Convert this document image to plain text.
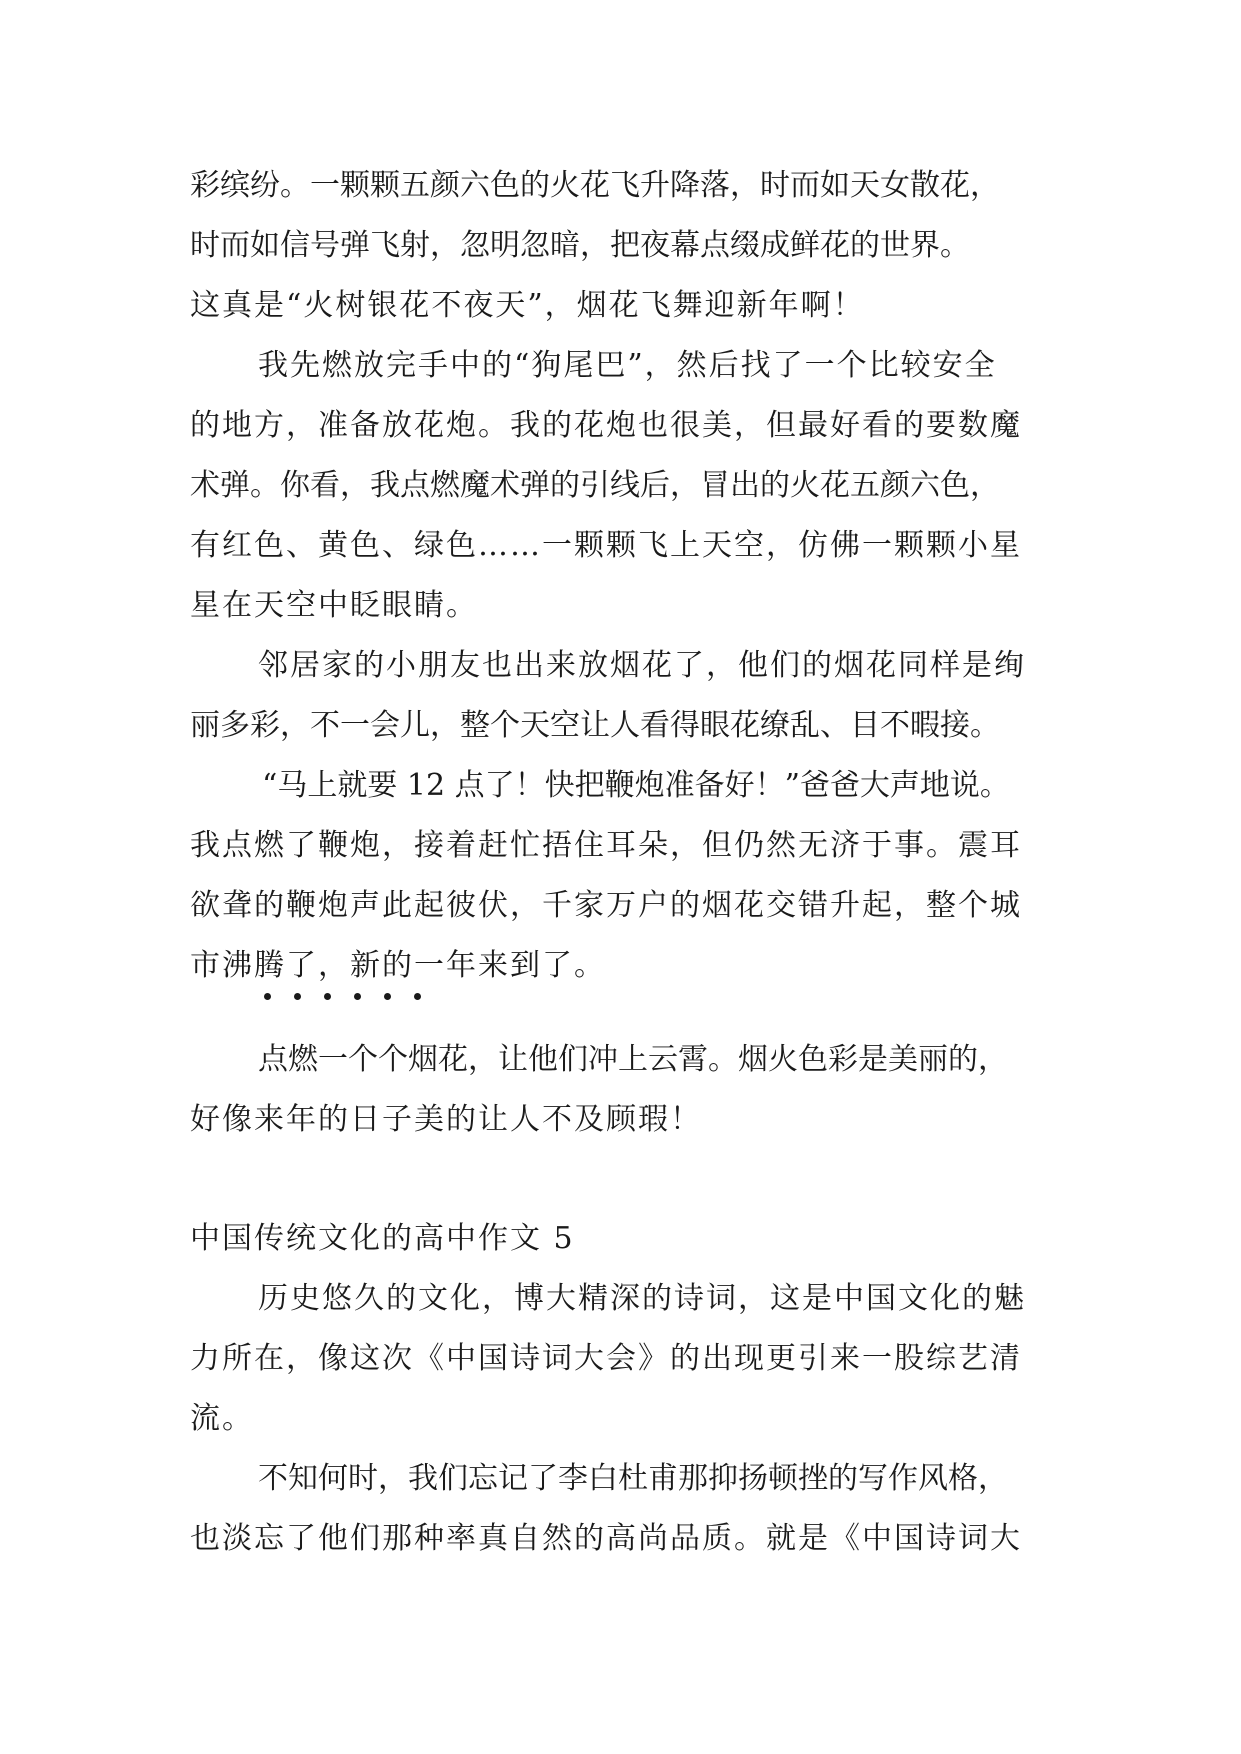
彩缤纷。一颗颗五颜六色的火花飞升降落，时而如天女散花，
时而如信号弹飞射，忽明忽暗，把夜幕点缀成鲜花的世界。
这真是“火树银花不夜天”，烟花飞舞迎新年啊！
我先燃放完手中的“狗尾巴”，然后找了一个比较安全
的地方，准备放花炮。我的花炮也很美，但最好看的要数魔
术弹。你看，我点燃魔术弹的引线后，冒出的火花五颜六色，
有红色、黄色、绿色……一颗颗飞上天空，仿佛一颗颗小星
星在天空中眨眼睛。
邻居家的小朋友也出来放烟花了，他们的烟花同样是绚
丽多彩，不一会儿，整个天空让人看得眼花缭乱、目不暇接。
“马上就要 12 点了！快把鞭炮准备好！”爸爸大声地说。
我点燃了鞭炮，接着赶忙捂住耳朵，但仍然无济于事。震耳
欲聋的鞭炮声此起彼伏，千家万户的烟花交错升起，整个城
市沸腾了，新的一年来到了。
点燃一个个烟花，让他们冲上云霄。烟火色彩是美丽的，
好像来年的日子美的让人不及顾瑕！
中国传统文化的高中作文 5
历史悠久的文化，博大精深的诗词，这是中国文化的魅
力所在，像这次《中国诗词大会》的出现更引来一股综艺清
流。
不知何时，我们忘记了李白杜甫那抑扬顿挫的写作风格，
也淡忘了他们那种率真自然的高尚品质。就是《中国诗词大
